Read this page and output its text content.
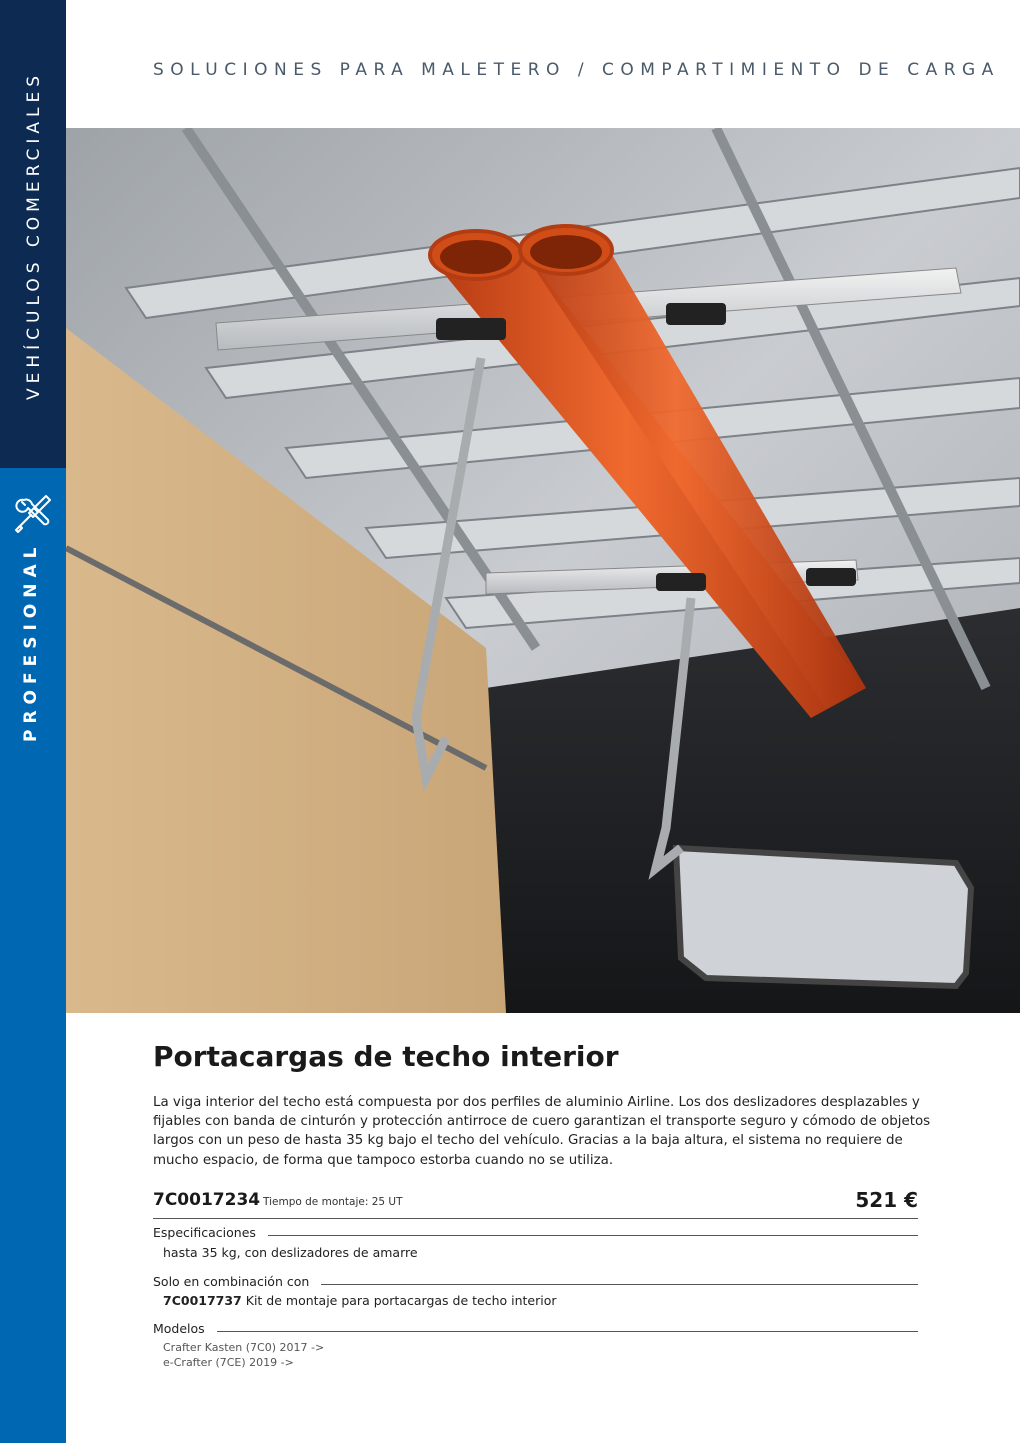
VEHÍCULOS COMERCIALES
PROFESIONAL
SOLUCIONES PARA MALETERO / COMPARTIMIENTO DE CARGA
Portacargas de techo interior
La viga interior del techo está compuesta por dos perfiles de aluminio Airline. Los dos deslizadores desplazables y fijables con banda de cinturón y protección antirroce de cuero garantizan el transporte seguro y cómodo de objetos largos con un peso de hasta 35 kg bajo el techo del vehículo. Gracias a la baja altura, el sistema no requiere de mucho espacio, de forma que tampoco estorba cuando no se utiliza.
7C0017234 Tiempo de montaje: 25 UT	521 €
Especificaciones
hasta 35 kg, con deslizadores de amarre
Solo en combinación con
7C0017737 Kit de montaje para portacargas de techo interior
Modelos
Crafter Kasten (7C0) 2017 ->
e-Crafter (7CE) 2019 ->
